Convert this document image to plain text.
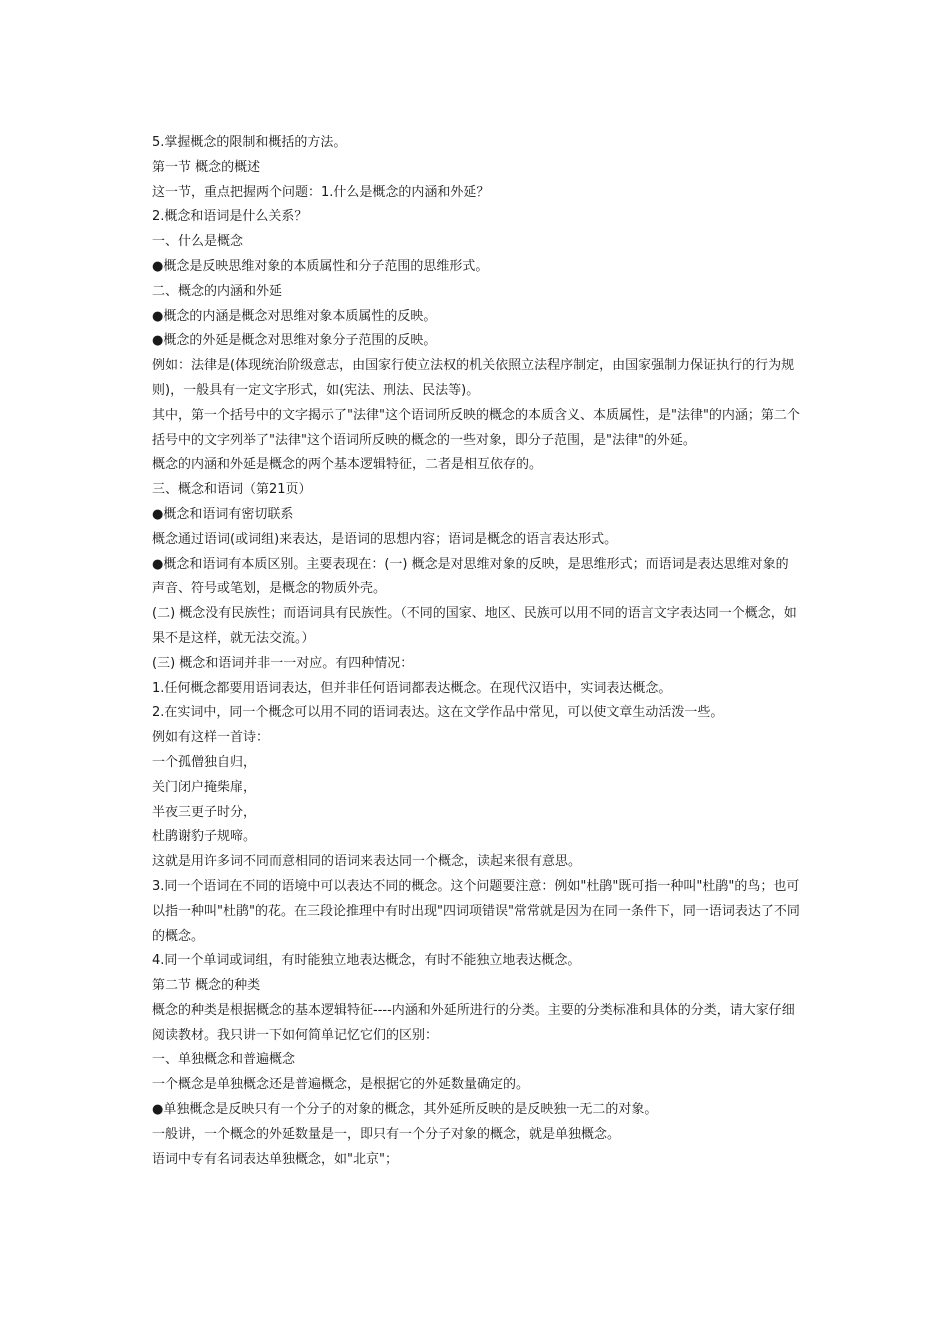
5.掌握概念的限制和概括的方法。

第一节 概念的概述

这一节，重点把握两个问题：1.什么是概念的内涵和外延？

2.概念和语词是什么关系？

一、什么是概念

●概念是反映思维对象的本质属性和分子范围的思维形式。

二、概念的内涵和外延

●概念的内涵是概念对思维对象本质属性的反映。

●概念的外延是概念对思维对象分子范围的反映。

例如：法律是(体现统治阶级意志，由国家行使立法权的机关依照立法程序制定，由国家强制力保证执行的行为规则)，一般具有一定文字形式，如(宪法、刑法、民法等)。

其中，第一个括号中的文字揭示了"法律"这个语词所反映的概念的本质含义、本质属性，是"法律"的内涵；第二个括号中的文字列举了"法律"这个语词所反映的概念的一些对象，即分子范围，是"法律"的外延。

概念的内涵和外延是概念的两个基本逻辑特征，二者是相互依存的。

三、概念和语词（第21页）

●概念和语词有密切联系

概念通过语词(或词组)来表达，是语词的思想内容；语词是概念的语言表达形式。

●概念和语词有本质区别。主要表现在：(一) 概念是对思维对象的反映，是思维形式；而语词是表达思维对象的声音、符号或笔划，是概念的物质外壳。

(二) 概念没有民族性；而语词具有民族性。（不同的国家、地区、民族可以用不同的语言文字表达同一个概念，如果不是这样，就无法交流。）

(三) 概念和语词并非一一对应。有四种情况：

1.任何概念都要用语词表达，但并非任何语词都表达概念。在现代汉语中，实词表达概念。

2.在实词中，同一个概念可以用不同的语词表达。这在文学作品中常见，可以使文章生动活泼一些。

例如有这样一首诗：

一个孤僧独自归，

关门闭户掩柴扉，

半夜三更子时分，

杜鹃谢豹子规啼。

这就是用许多词不同而意相同的语词来表达同一个概念，读起来很有意思。

3.同一个语词在不同的语境中可以表达不同的概念。这个问题要注意：例如"杜鹃"既可指一种叫"杜鹃"的鸟；也可以指一种叫"杜鹃"的花。在三段论推理中有时出现"四词项错误"常常就是因为在同一条件下，同一语词表达了不同的概念。

4.同一个单词或词组，有时能独立地表达概念，有时不能独立地表达概念。

第二节 概念的种类

概念的种类是根据概念的基本逻辑特征----内涵和外延所进行的分类。主要的分类标准和具体的分类，请大家仔细阅读教材。我只讲一下如何简单记忆它们的区别：

一、单独概念和普遍概念

一个概念是单独概念还是普遍概念，是根据它的外延数量确定的。

●单独概念是反映只有一个分子的对象的概念，其外延所反映的是反映独一无二的对象。

一般讲，一个概念的外延数量是一，即只有一个分子对象的概念，就是单独概念。

语词中专有名词表达单独概念，如"北京"；
